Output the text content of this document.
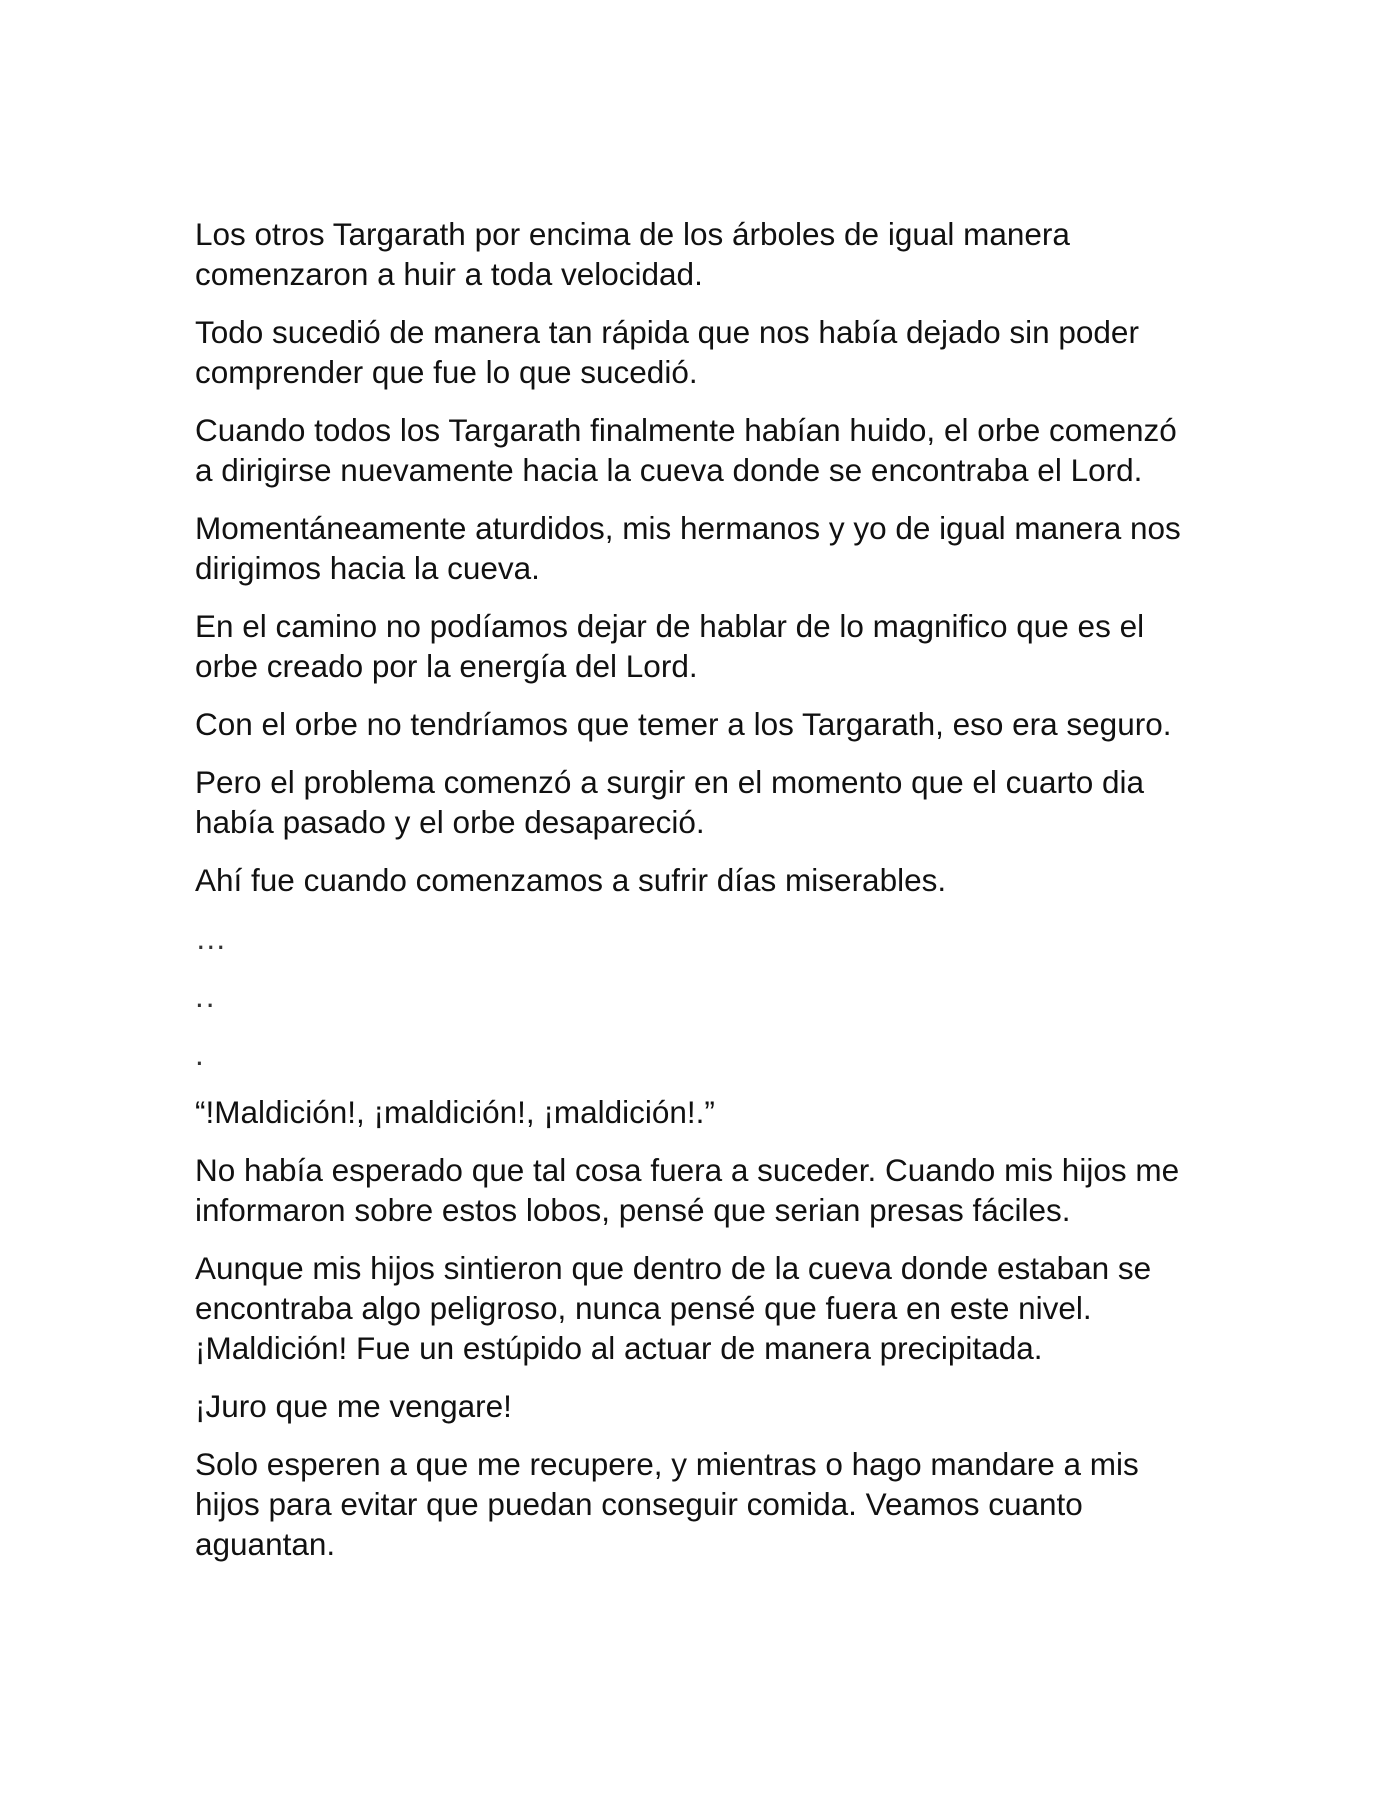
Los otros Targarath por encima de los árboles de igual manera
comenzaron a huir a toda velocidad.

Todo sucedió de manera tan rápida que nos había dejado sin poder
comprender que fue lo que sucedió.

Cuando todos los Targarath finalmente habían huido, el orbe comenzó
a dirigirse nuevamente hacia la cueva donde se encontraba el Lord.

Momentáneamente aturdidos, mis hermanos y yo de igual manera nos
dirigimos hacia la cueva.

En el camino no podíamos dejar de hablar de lo magnifico que es el
orbe creado por la energía del Lord.

Con el orbe no tendríamos que temer a los Targarath, eso era seguro.

Pero el problema comenzó a surgir en el momento que el cuarto dia
había pasado y el orbe desapareció.

Ahí fue cuando comenzamos a sufrir días miserables.

…

..

.

“!Maldición!, ¡maldición!, ¡maldición!.”

No había esperado que tal cosa fuera a suceder. Cuando mis hijos me
informaron sobre estos lobos, pensé que serian presas fáciles.

Aunque mis hijos sintieron que dentro de la cueva donde estaban se
encontraba algo peligroso, nunca pensé que fuera en este nivel.
¡Maldición! Fue un estúpido al actuar de manera precipitada.

¡Juro que me vengare!

Solo esperen a que me recupere, y mientras o hago mandare a mis
hijos para evitar que puedan conseguir comida. Veamos cuanto
aguantan.
